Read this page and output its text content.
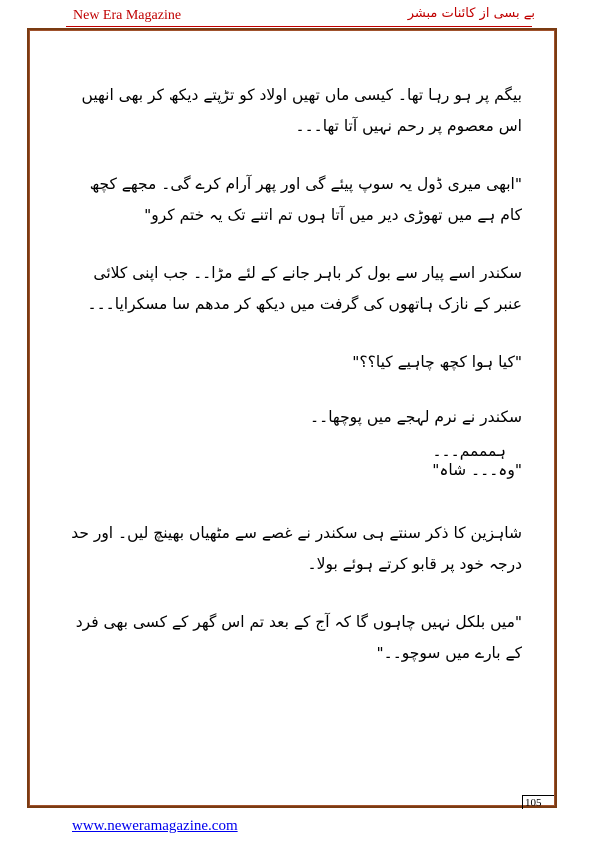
New Era Magazine	بے بسی از کائنات مبشر

بیگم پر ہو رہا تھا۔ کیسی ماں تھیں اولاد کو تڑپتے دیکھ کر بھی انھیں اس معصوم پر رحم نہیں آتا تھا۔۔۔

"ابھی میری ڈول یہ سوپ پیئے گی اور پھر آرام کرے گی۔ مجھے کچھ کام ہے میں تھوڑی دیر میں آتا ہوں تم اتنے تک یہ ختم کرو"

سکندر اسے پیار سے بول کر باہر جانے کے لئے مڑا۔۔ جب اپنی کلائی عنبر کے نازک ہاتھوں کی گرفت میں دیکھ کر مدھم سا مسکرایا۔۔۔

"کیا ہوا کچھ چاہیے کیا؟؟"

سکندر نے نرم لہجے میں پوچھا۔۔

ہمممم۔۔۔

"وہ۔۔۔ شاہ"

شاہزین کا ذکر سنتے ہی سکندر نے غصے سے مٹھیاں بھینچ لیں۔ اور حد درجہ خود پر قابو کرتے ہوئے بولا۔

"میں بلکل نہیں چاہوں گا کہ آج کے بعد تم اس گھر کے کسی بھی فرد کے بارے میں سوچو۔۔"

105
www.neweramagazine.com
